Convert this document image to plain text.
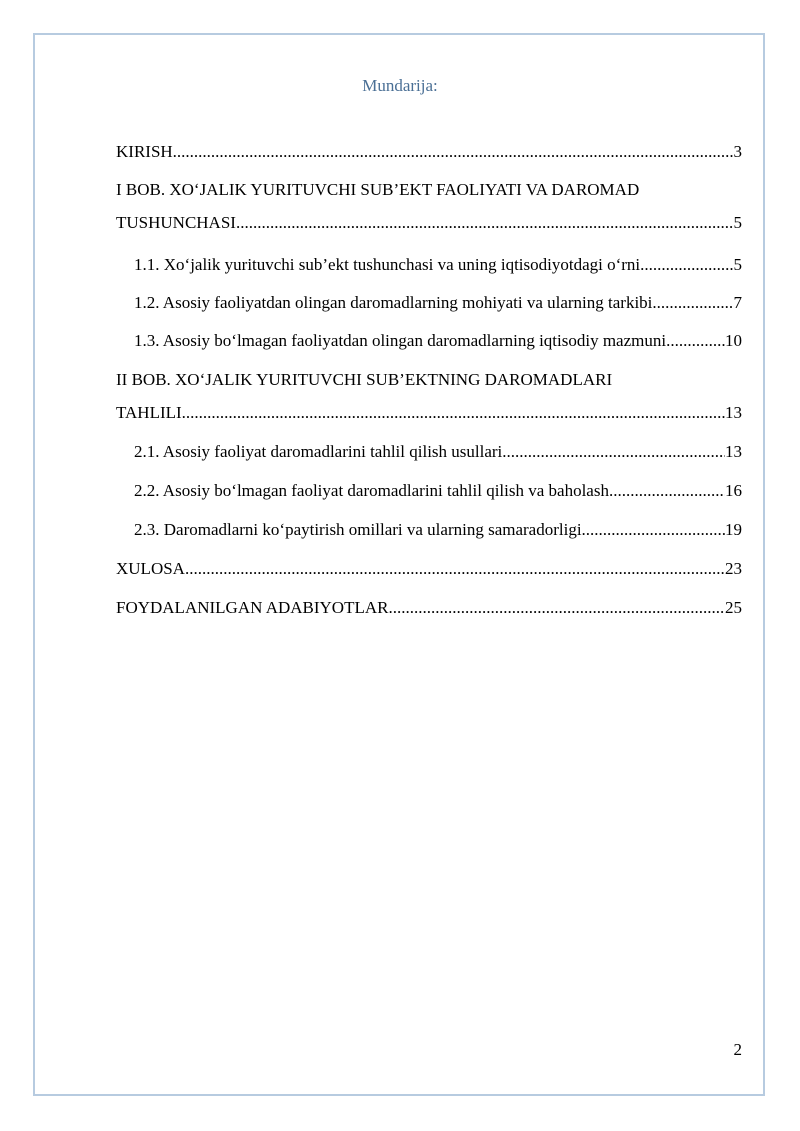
Mundarija:
KIRISH .....	3
I BOB. XO‘JALIK YURITUVCHI SUB’EKT FAOLIYATI VA DAROMAD
TUSHUNCHASI .....	5
1.1. Xo‘jalik yurituvchi sub’ekt tushunchasi va uning iqtisodiyotdagi o‘rni .....	5
1.2. Asosiy faoliyatdan olingan daromadlarning mohiyati va ularning tarkibi .....	7
1.3. Asosiy bo‘lmagan faoliyatdan olingan daromadlarning iqtisodiy mazmuni .....	10
II BOB. XO‘JALIK YURITUVCHI SUB’EKTNING DAROMADLARI
TAHLILI .....	13
2.1. Asosiy faoliyat daromadlarini tahlil qilish usullari .....	13
2.2. Asosiy bo‘lmagan faoliyat daromadlarini tahlil qilish va baholash .....	16
2.3. Daromadlarni ko‘paytirish omillari va ularning samaradorligi .....	19
XULOSA .....	23
FOYDALANILGAN ADABIYOTLAR .....	25
2
